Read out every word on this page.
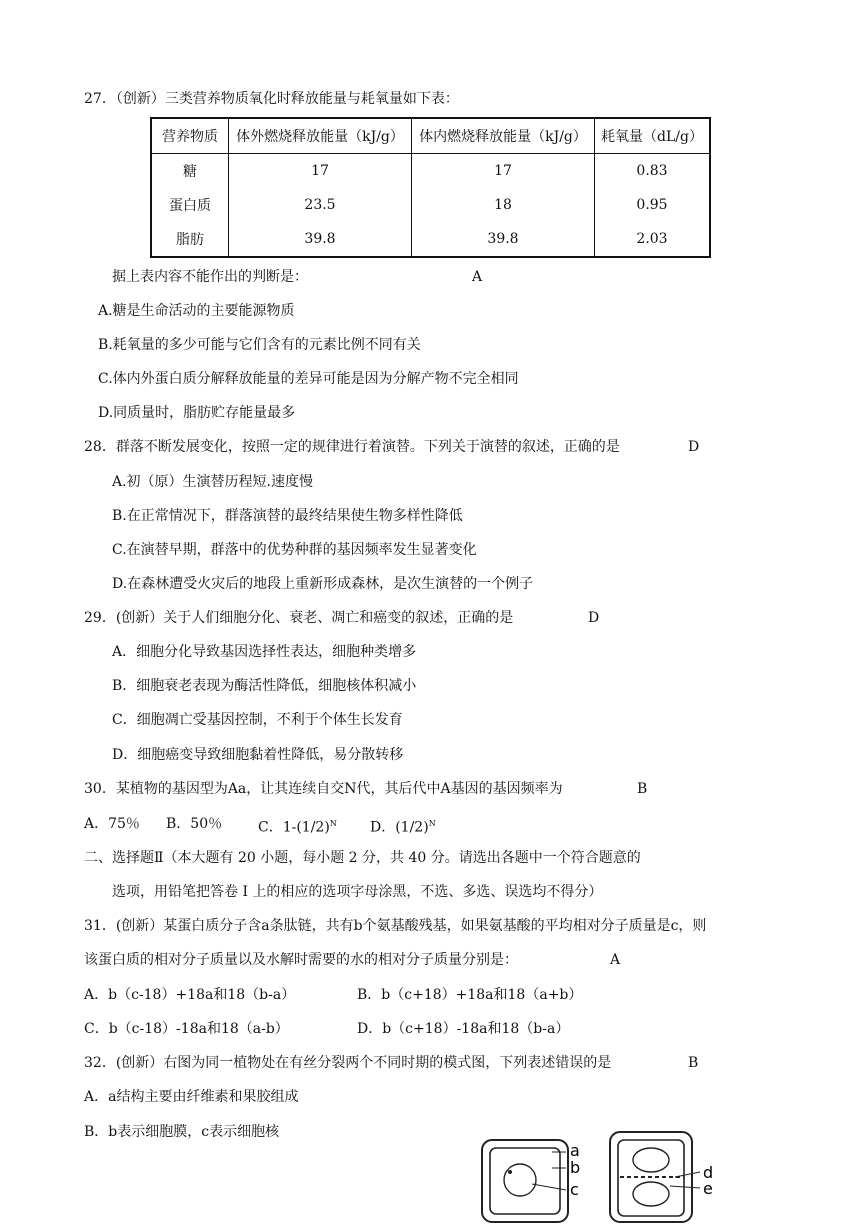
27．（创新）三类营养物质氧化时释放能量与耗氧量如下表：
营养物质	体外燃烧释放能量（kJ/g）	体内燃烧释放能量（kJ/g）	耗氧量（dL/g）
糖	17	17	0.83
蛋白质	23.5	18	0.95
脂肪	39.8	39.8	2.03
据上表内容不能作出的判断是：	A
A.糖是生命活动的主要能源物质
B.耗氧量的多少可能与它们含有的元素比例不同有关
C.体内外蛋白质分解释放能量的差异可能是因为分解产物不完全相同
D.同质量时，脂肪贮存能量最多
28．群落不断发展变化，按照一定的规律进行着演替。下列关于演替的叙述，正确的是	D
A.初（原）生演替历程短.速度慢
B.在正常情况下，群落演替的最终结果使生物多样性降低
C.在演替早期，群落中的优势种群的基因频率发生显著变化
D.在森林遭受火灾后的地段上重新形成森林，是次生演替的一个例子
29．(创新）关于人们细胞分化、衰老、凋亡和癌变的叙述，正确的是	D
A．细胞分化导致基因选择性表达，细胞种类增多
B．细胞衰老表现为酶活性降低，细胞核体积减小
C．细胞凋亡受基因控制，不利于个体生长发育
D．细胞癌变导致细胞黏着性降低，易分散转移
30．某植物的基因型为Aa，让其连续自交N代，其后代中A基因的基因频率为	B
A．75％ B．50％	C．$1-(1/2)^N$ D．$(1/2)^N$
二、选择题Ⅱ（本大题有 20 小题，每小题 2 分，共 40 分。请选出各题中一个符合题意的
选项，用铅笔把答卷 I 上的相应的选项字母涂黑，不选、多选、误选均不得分）
31．(创新）某蛋白质分子含a条肽链，共有b个氨基酸残基，如果氨基酸的平均相对分子质量是c，则
该蛋白质的相对分子质量以及水解时需要的水的相对分子质量分别是：	A
A．b（c-18）+18a和18（b-a）	B．b（c+18）+18a和18（a+b）
C．b（c-18）-18a和18（a-b）	D．b（c+18）-18a和18（b-a）
32．(创新）右图为同一植物处在有丝分裂两个不同时期的模式图，下列表述错误的是	B
A．a结构主要由纤维素和果胶组成
B．b表示细胞膜，c表示细胞核
a
b
c
d
e
